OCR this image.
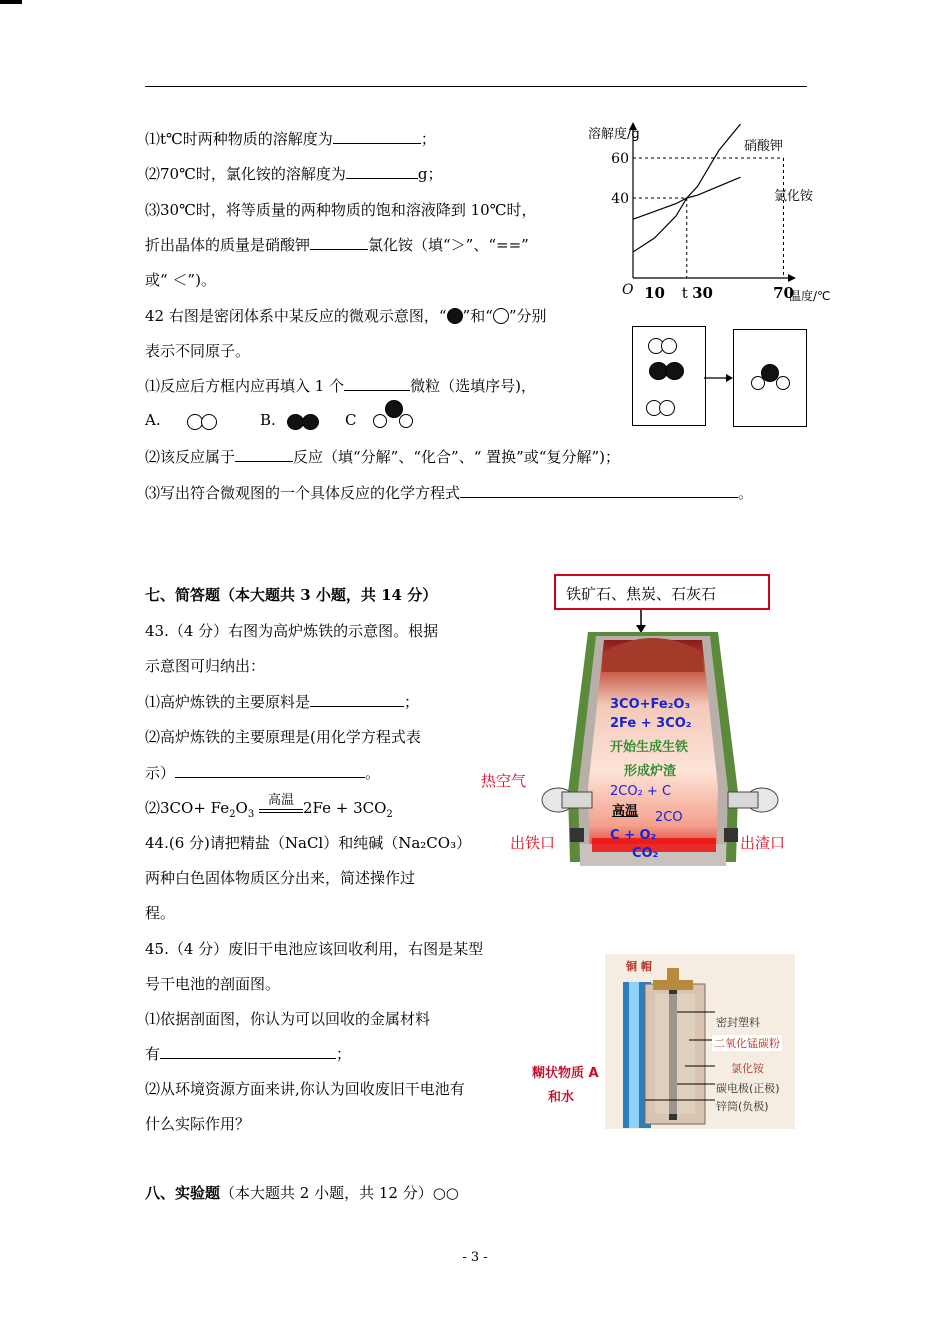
⑴t℃时两种物质的溶解度为	；
⑵70℃时，氯化铵的溶解度为	g；
⑶30℃时，将等质量的两种物质的饱和溶液降到 10℃时，
折出晶体的质量是硝酸钾	氯化铵（填“＞”、“==”
或“ ＜”)。
溶解度/g
温度/℃
O
40
60
10 t 30	70
硝酸钾
氯化铵
42 右图是密闭体系中某反应的微观示意图，“ ”和“ ”分别
表示不同原子。
⑴反应后方框内应再填入 1 个	微粒（选填序号)，
A.	B.	C
⑵该反应属于	反应（填“分解”、“化合”、“ 置换”或“复分解”)；
⑶写出符合微观图的一个具体反应的化学方程式	。
七、简答题（本大题共 3 小题，共 14 分）
43.（4 分）右图为高炉炼铁的示意图。根据
示意图可归纳出：
⑴高炉炼铁的主要原料是	；
⑵高炉炼铁的主要原理是(用化学方程式表
示）	。
⑵3CO+ $Fe_2O_3$
高温 $2Fe + 3CO_2$
44.(6 分)请把精盐（NaCl）和纯碱（Na₂CO₃）
两种白色固体物质区分出来，简述操作过
程。
45.（4 分）废旧干电池应该回收利用，右图是某型
号干电池的剖面图。
⑴依据剖面图，你认为可以回收的金属材料
有	；
⑵从环境资源方面来讲,你认为回收废旧干电池有
什么实际作用？
铁矿石、焦炭、石灰石
3CO+Fe₂O₃
2Fe + 3CO₂
开始生成生铁
形成炉渣
2CO₂ + C
高温 2CO
C + O₂
CO₂
热空气
出铁口	出渣口
铜 帽
密封塑料
二氧化锰碳粉
氯化铵
碳电极(正极)
锌筒(负极)
糊状物质 A
和水
八、实验题（本大题共 2 小题，共 12 分）○○
- 3 -
